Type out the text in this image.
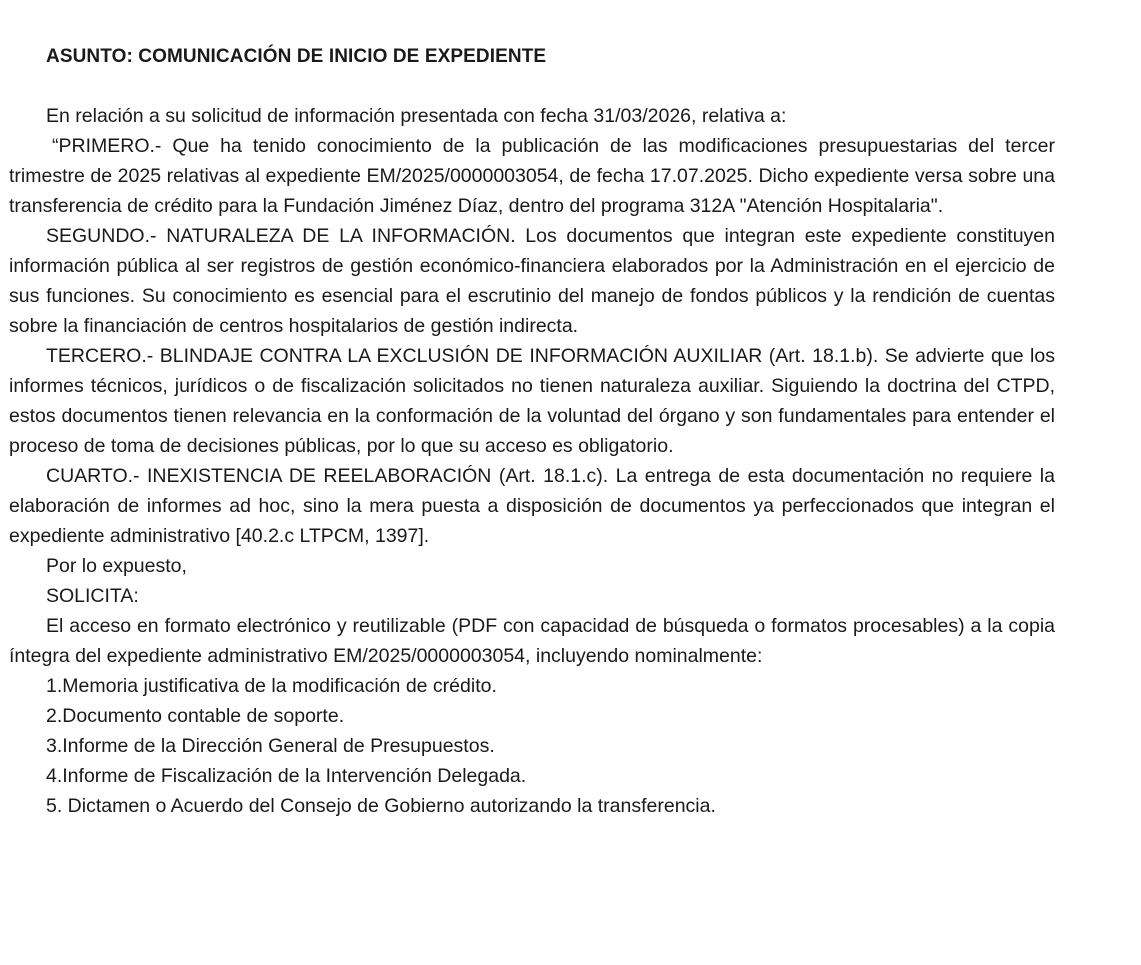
ASUNTO: COMUNICACIÓN DE INICIO DE EXPEDIENTE

En relación a su solicitud de información presentada con fecha 31/03/2026, relativa a:

“PRIMERO.- Que ha tenido conocimiento de la publicación de las modificaciones presupuestarias del tercer trimestre de 2025 relativas al expediente EM/2025/0000003054, de fecha 17.07.2025. Dicho expediente versa sobre una transferencia de crédito para la Fundación Jiménez Díaz, dentro del programa 312A "Atención Hospitalaria".

SEGUNDO.- NATURALEZA DE LA INFORMACIÓN. Los documentos que integran este expediente constituyen información pública al ser registros de gestión económico-financiera elaborados por la Administración en el ejercicio de sus funciones. Su conocimiento es esencial para el escrutinio del manejo de fondos públicos y la rendición de cuentas sobre la financiación de centros hospitalarios de gestión indirecta.

TERCERO.- BLINDAJE CONTRA LA EXCLUSIÓN DE INFORMACIÓN AUXILIAR (Art. 18.1.b). Se advierte que los informes técnicos, jurídicos o de fiscalización solicitados no tienen naturaleza auxiliar. Siguiendo la doctrina del CTPD, estos documentos tienen relevancia en la conformación de la voluntad del órgano y son fundamentales para entender el proceso de toma de decisiones públicas, por lo que su acceso es obligatorio.

CUARTO.- INEXISTENCIA DE REELABORACIÓN (Art. 18.1.c). La entrega de esta documentación no requiere la elaboración de informes ad hoc, sino la mera puesta a disposición de documentos ya perfeccionados que integran el expediente administrativo [40.2.c LTPCM, 1397].

Por lo expuesto,

SOLICITA:

El acceso en formato electrónico y reutilizable (PDF con capacidad de búsqueda o formatos procesables) a la copia íntegra del expediente administrativo EM/2025/0000003054, incluyendo nominalmente:

1.Memoria justificativa de la modificación de crédito.
2.Documento contable de soporte.
3.Informe de la Dirección General de Presupuestos.
4.Informe de Fiscalización de la Intervención Delegada.
5. Dictamen o Acuerdo del Consejo de Gobierno autorizando la transferencia.
